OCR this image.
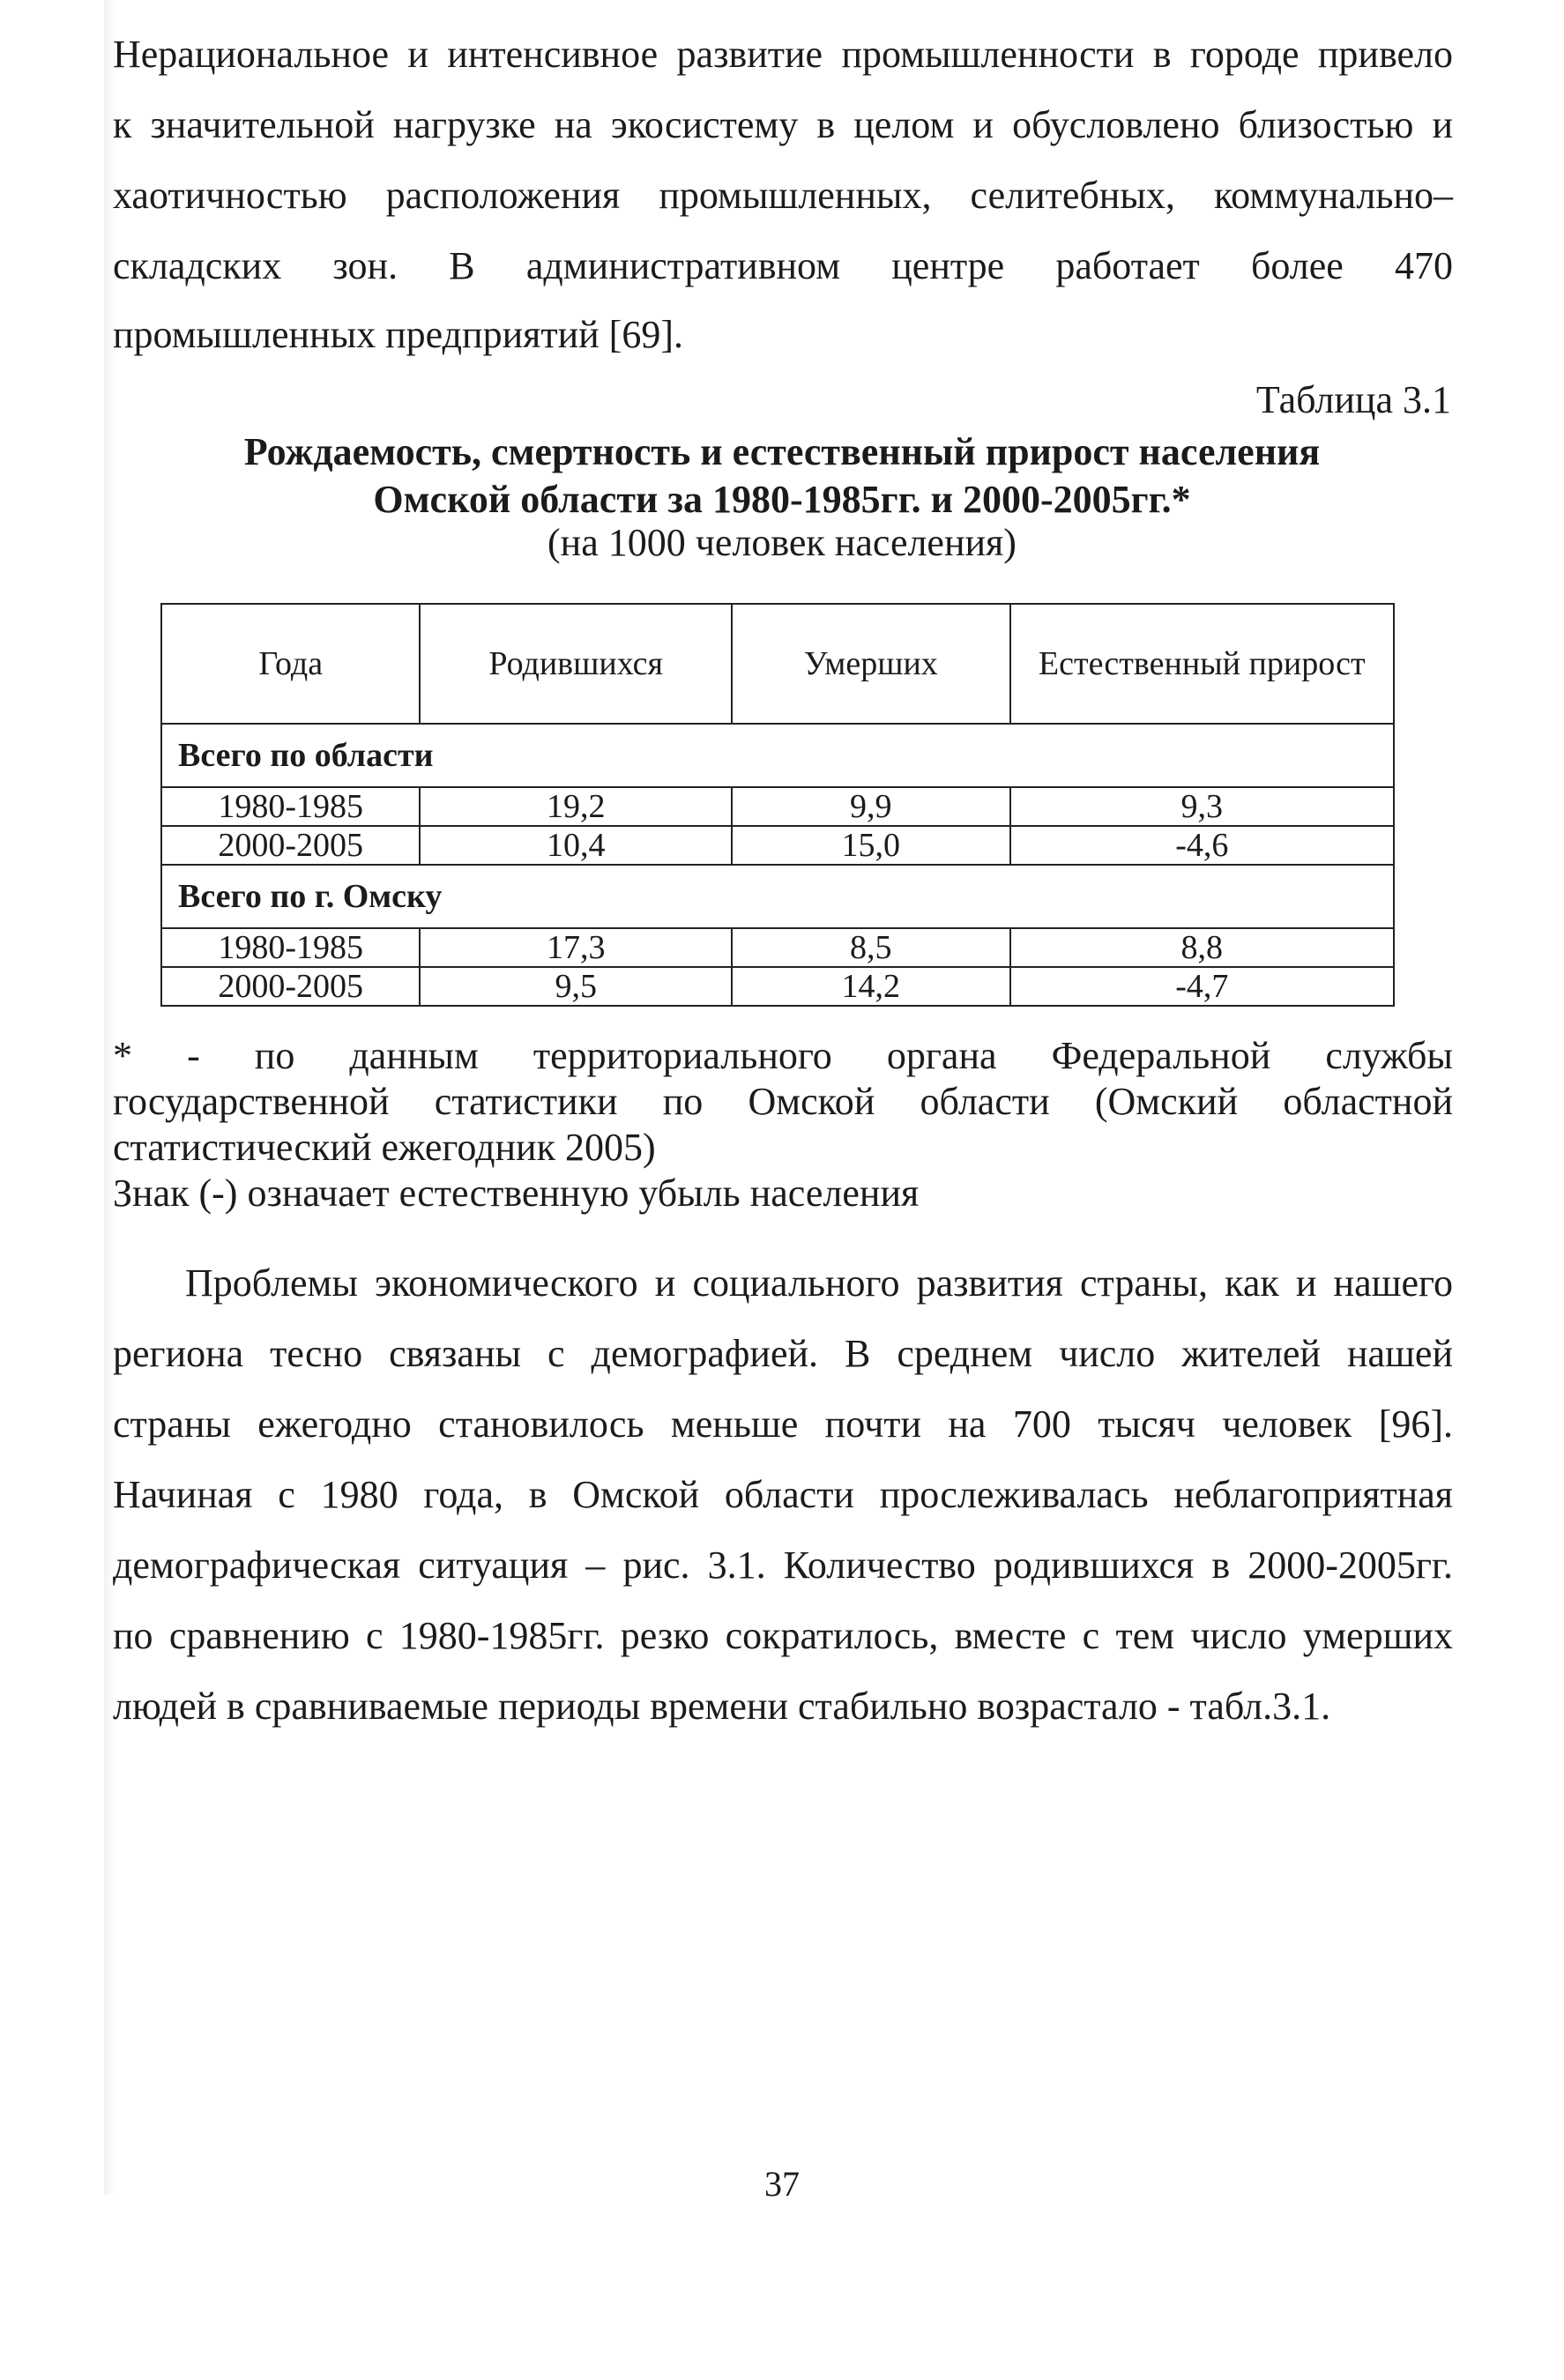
Нерациональное и интенсивное развитие промышленности в городе привело

к значительной нагрузке на экосистему в целом и обусловлено близостью и

хаотичностью расположения промышленных, селитебных, коммунально–

складских зон. В административном центре работает более 470

промышленных предприятий [69].

Таблица 3.1

Рождаемость, смертность и естественный прирост населения

Омской области за 1980-1985гг. и 2000-2005гг.*

(на 1000 человек населения)

Года	Родившихся	Умерших	Естественный прирост
Всего по области			
1980-1985	19,2	9,9	9,3
2000-2005	10,4	15,0	-4,6
Всего по г. Омску			
1980-1985	17,3	8,5	8,8
2000-2005	9,5	14,2	-4,7

* - по данным территориального органа Федеральной службы

государственной статистики по Омской области (Омский областной

статистический ежегодник 2005)

Знак (-) означает естественную убыль населения

Проблемы экономического и социального развития страны, как и нашего

региона тесно связаны с демографией. В среднем число жителей нашей

страны ежегодно становилось меньше почти на 700 тысяч человек [96].

Начиная с 1980 года, в Омской области прослеживалась неблагоприятная

демографическая ситуация – рис. 3.1. Количество родившихся в 2000-2005гг.

по сравнению с 1980-1985гг. резко сократилось, вместе с тем число умерших

людей в сравниваемые периоды времени стабильно возрастало - табл.3.1.

37
